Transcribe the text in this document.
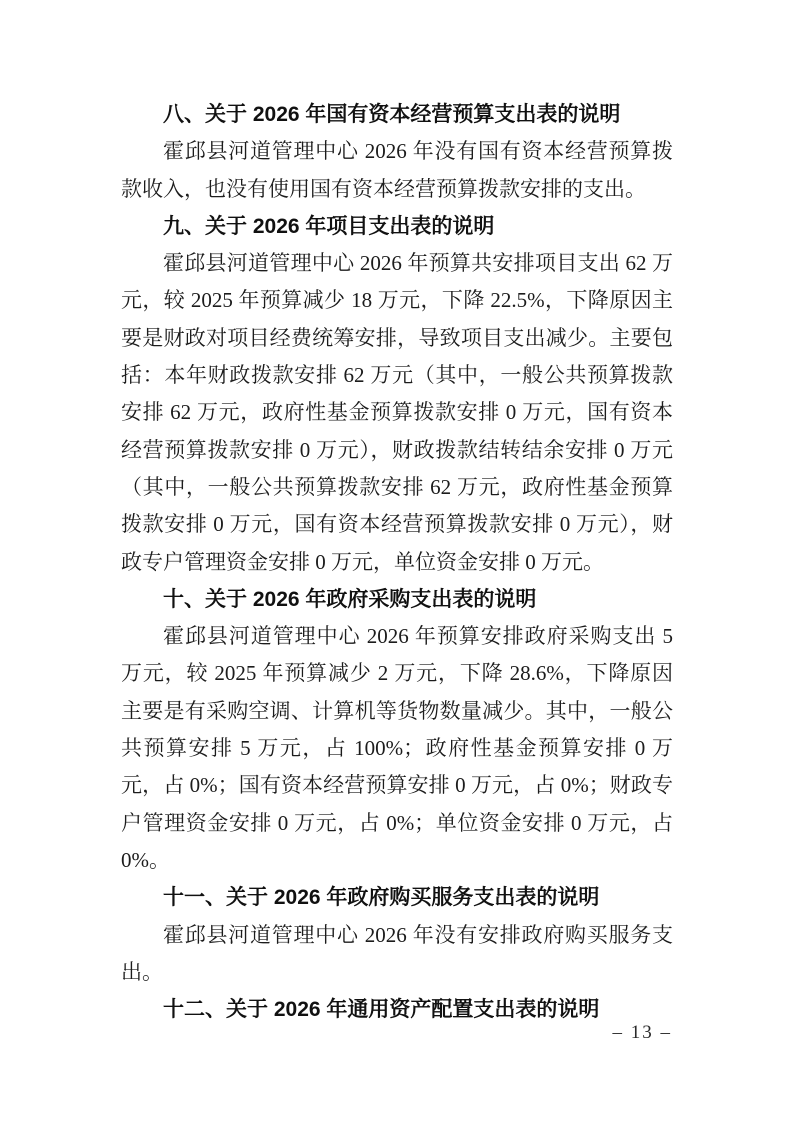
八、关于 2026 年国有资本经营预算支出表的说明

霍邱县河道管理中心 2026 年没有国有资本经营预算拨款收入，也没有使用国有资本经营预算拨款安排的支出。

九、关于 2026 年项目支出表的说明

霍邱县河道管理中心 2026 年预算共安排项目支出 62 万元，较 2025 年预算减少 18 万元，下降 22.5%，下降原因主要是财政对项目经费统筹安排，导致项目支出减少。主要包括：本年财政拨款安排 62 万元（其中，一般公共预算拨款安排 62 万元，政府性基金预算拨款安排 0 万元，国有资本经营预算拨款安排 0 万元），财政拨款结转结余安排 0 万元（其中，一般公共预算拨款安排 62 万元，政府性基金预算拨款安排 0 万元，国有资本经营预算拨款安排 0 万元），财政专户管理资金安排 0 万元，单位资金安排 0 万元。

十、关于 2026 年政府采购支出表的说明

霍邱县河道管理中心 2026 年预算安排政府采购支出 5 万元，较 2025 年预算减少 2 万元，下降 28.6%，下降原因主要是有采购空调、计算机等货物数量减少。其中，一般公共预算安排 5 万元，占 100%；政府性基金预算安排 0 万元，占 0%；国有资本经营预算安排 0 万元，占 0%；财政专户管理资金安排 0 万元，占 0%；单位资金安排 0 万元，占 0%。

十一、关于 2026 年政府购买服务支出表的说明

霍邱县河道管理中心 2026 年没有安排政府购买服务支出。

十二、关于 2026 年通用资产配置支出表的说明
– 13 –
